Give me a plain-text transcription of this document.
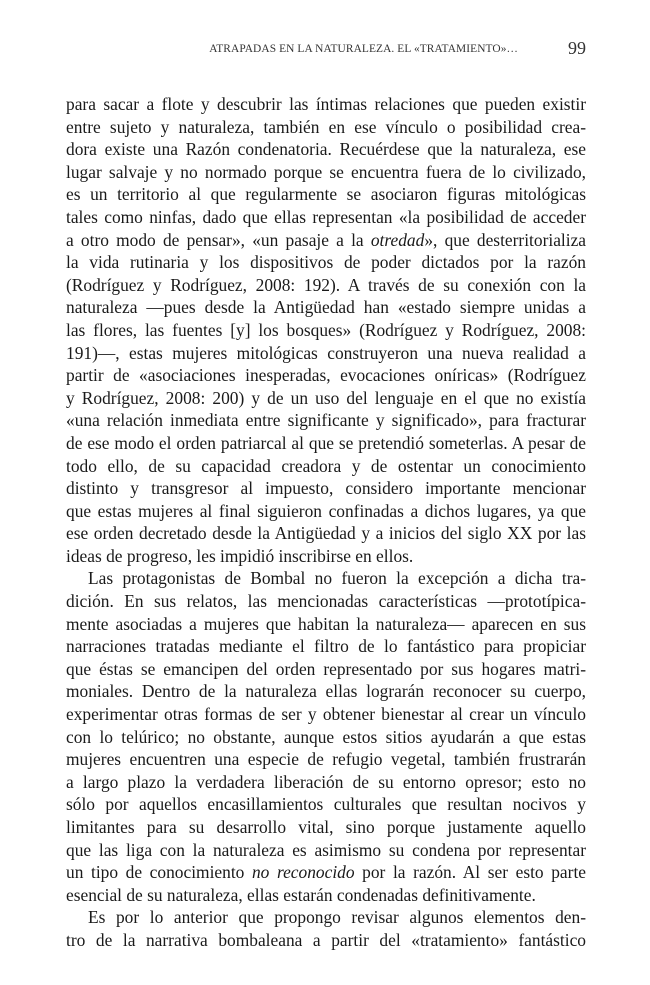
ATRAPADAS EN LA NATURALEZA. EL «TRATAMIENTO»…	99
para sacar a flote y descubrir las íntimas relaciones que pueden existir
entre sujeto y naturaleza, también en ese vínculo o posibilidad crea-
dora existe una Razón condenatoria. Recuérdese que la naturaleza, ese
lugar salvaje y no normado porque se encuentra fuera de lo civilizado,
es un territorio al que regularmente se asociaron figuras mitológicas
tales como ninfas, dado que ellas representan «la posibilidad de acceder
a otro modo de pensar», «un pasaje a la otredad», que desterritorializa
la vida rutinaria y los dispositivos de poder dictados por la razón
(Rodríguez y Rodríguez, 2008: 192). A través de su conexión con la
naturaleza —pues desde la Antigüedad han «estado siempre unidas a
las flores, las fuentes [y] los bosques» (Rodríguez y Rodríguez, 2008:
191)—, estas mujeres mitológicas construyeron una nueva realidad a
partir de «asociaciones inesperadas, evocaciones oníricas» (Rodríguez
y Rodríguez, 2008: 200) y de un uso del lenguaje en el que no existía
«una relación inmediata entre significante y significado», para fracturar
de ese modo el orden patriarcal al que se pretendió someterlas. A pesar de
todo ello, de su capacidad creadora y de ostentar un conocimiento
distinto y transgresor al impuesto, considero importante mencionar
que estas mujeres al final siguieron confinadas a dichos lugares, ya que
ese orden decretado desde la Antigüedad y a inicios del siglo XX por las
ideas de progreso, les impidió inscribirse en ellos.
Las protagonistas de Bombal no fueron la excepción a dicha tra-
dición. En sus relatos, las mencionadas características —prototípica-
mente asociadas a mujeres que habitan la naturaleza— aparecen en sus
narraciones tratadas mediante el filtro de lo fantástico para propiciar
que éstas se emancipen del orden representado por sus hogares matri-
moniales. Dentro de la naturaleza ellas lograrán reconocer su cuerpo,
experimentar otras formas de ser y obtener bienestar al crear un vínculo
con lo telúrico; no obstante, aunque estos sitios ayudarán a que estas
mujeres encuentren una especie de refugio vegetal, también frustrarán
a largo plazo la verdadera liberación de su entorno opresor; esto no
sólo por aquellos encasillamientos culturales que resultan nocivos y
limitantes para su desarrollo vital, sino porque justamente aquello
que las liga con la naturaleza es asimismo su condena por representar
un tipo de conocimiento no reconocido por la razón. Al ser esto parte
esencial de su naturaleza, ellas estarán condenadas definitivamente.
Es por lo anterior que propongo revisar algunos elementos den-
tro de la narrativa bombaleana a partir del «tratamiento» fantástico
